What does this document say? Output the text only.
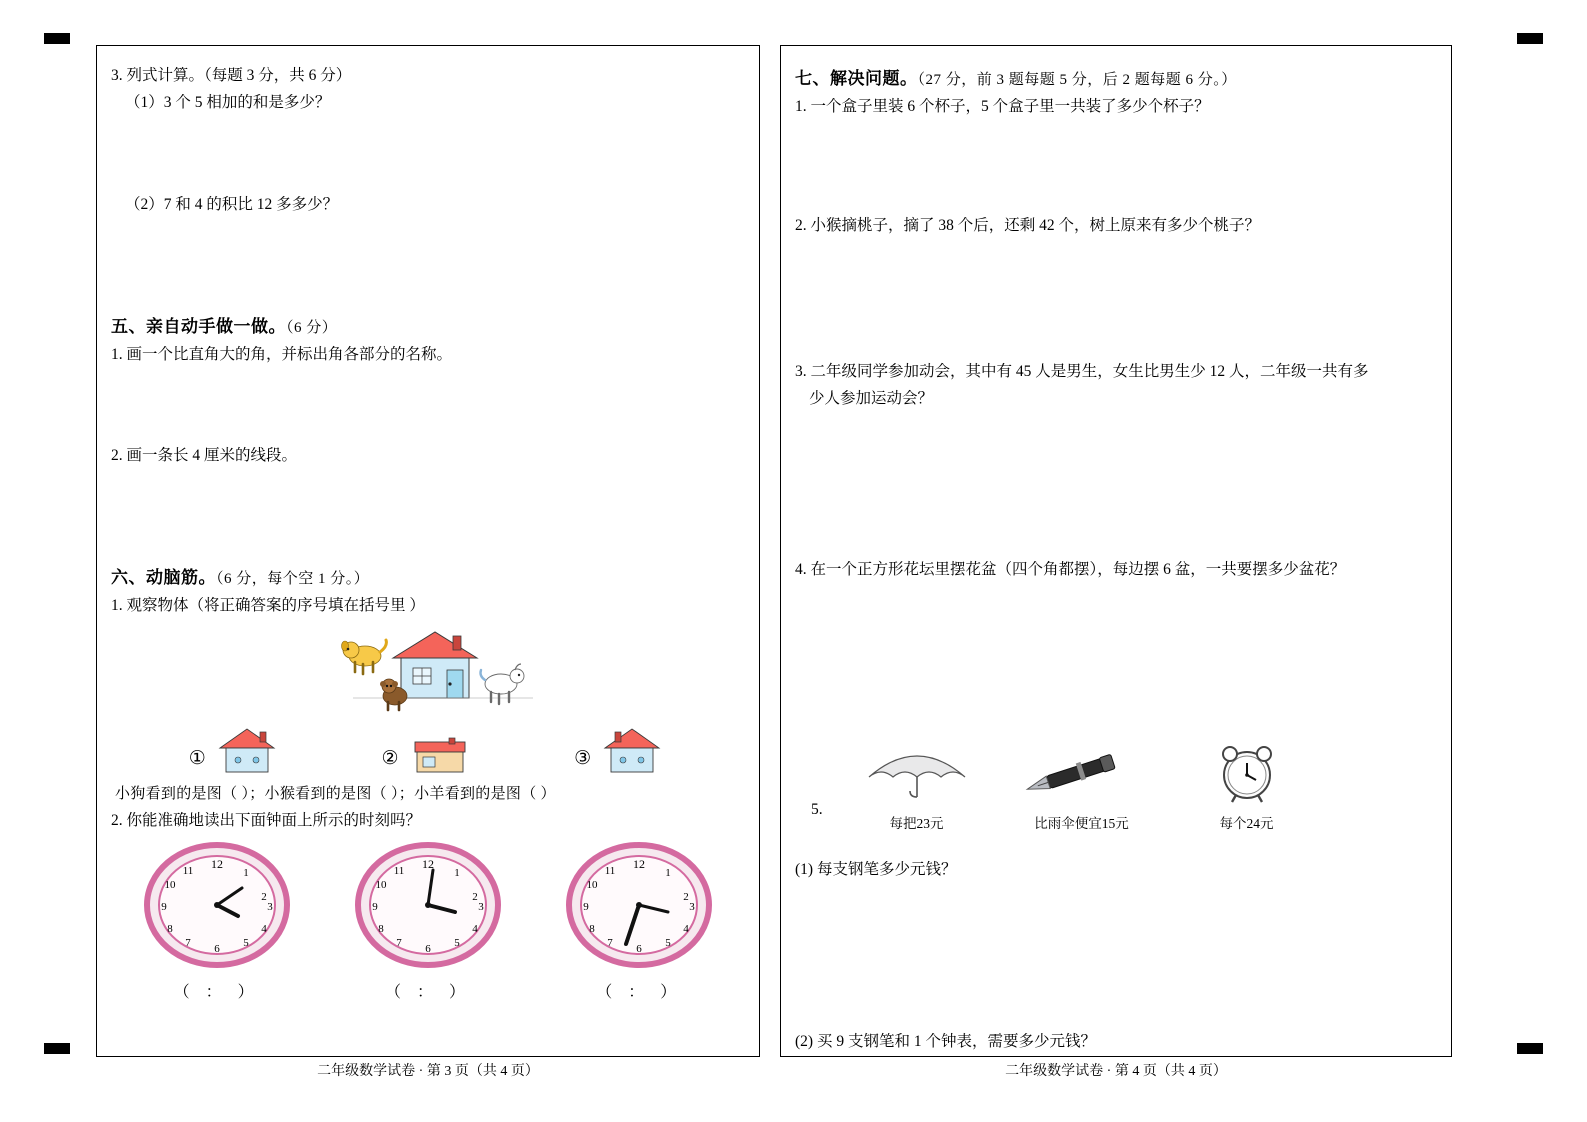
3. 列式计算。（每题 3 分，共 6 分）
（1）3 个 5 相加的和是多少？
（2）7 和 4 的积比 12 多多少？
五、亲自动手做一做。（6 分）
1. 画一个比直角大的角，并标出角各部分的名称。
2. 画一条长 4 厘米的线段。
六、动脑筋。（6 分，每个空 1 分。）
1. 观察物体（将正确答案的序号填在括号里 ）
①	②	③
小狗看到的是图（ ）；小猴看到的是图（ ）；小羊看到的是图（ ）
2. 你能准确地读出下面钟面上所示的时刻吗？
12
1
2
3
4
5
6
7
8
9
10
11
（ ： ）
12
1
2
3
4
5
6
7
8
9
10
11
（ ： ）
12
1
2
3
4
5
6
7
8
9
10
11
（ ： ）
二年级数学试卷 · 第 3 页（共 4 页）
七、解决问题。（27 分，前 3 题每题 5 分，后 2 题每题 6 分。）
1. 一个盒子里装 6 个杯子，5 个盒子里一共装了多少个杯子？
2. 小猴摘桃子，摘了 38 个后，还剩 42 个，树上原来有多少个桃子？
3. 二年级同学参加动会，其中有 45 人是男生，女生比男生少 12 人，二年级一共有多
少人参加运动会？
4. 在一个正方形花坛里摆花盆（四个角都摆），每边摆 6 盆，一共要摆多少盆花？
5.
每把23元	比雨伞便宜15元	每个24元
(1) 每支钢笔多少元钱？
(2) 买 9 支钢笔和 1 个钟表，需要多少元钱？
二年级数学试卷 · 第 4 页（共 4 页）
